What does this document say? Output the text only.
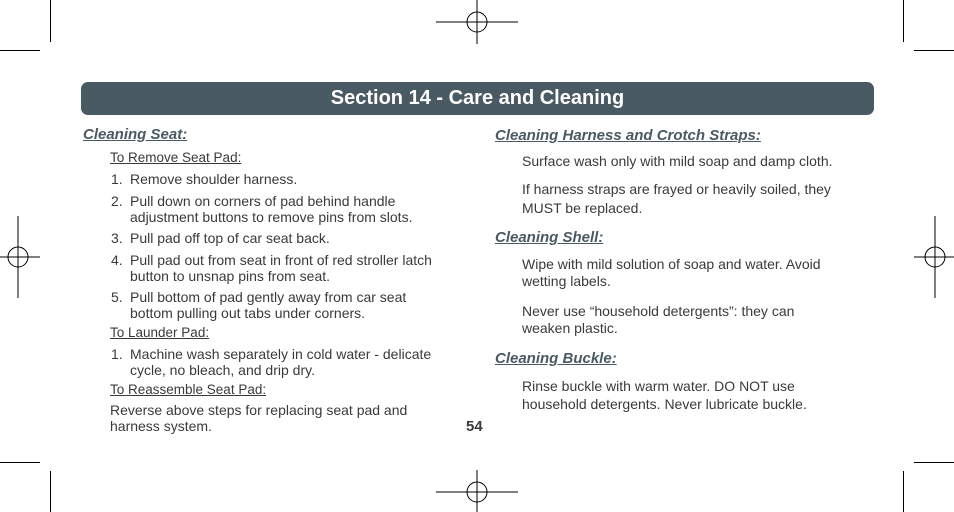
Section 14 - Care and Cleaning
Cleaning Seat:
To Remove Seat Pad:
1. Remove shoulder harness.
2. Pull down on corners of pad behind handle
adjustment buttons to remove pins from slots.
3. Pull pad off top of car seat back.
4. Pull pad out from seat in front of red stroller latch
button to unsnap pins from seat.
5. Pull bottom of pad gently away from car seat
bottom pulling out tabs under corners.
To Launder Pad:
1. Machine wash separately in cold water - delicate
cycle, no bleach, and drip dry.
To Reassemble Seat Pad:
Reverse above steps for replacing seat pad and
harness system.	54
Cleaning Harness and Crotch Straps:
Surface wash only with mild soap and damp cloth.
If harness straps are frayed or heavily soiled, they
MUST be replaced.
Cleaning Shell:
Wipe with mild solution of soap and water. Avoid
wetting labels.
Never use “household detergents”: they can
weaken plastic.
Cleaning Buckle:
Rinse buckle with warm water. DO NOT use
household detergents. Never lubricate buckle.
